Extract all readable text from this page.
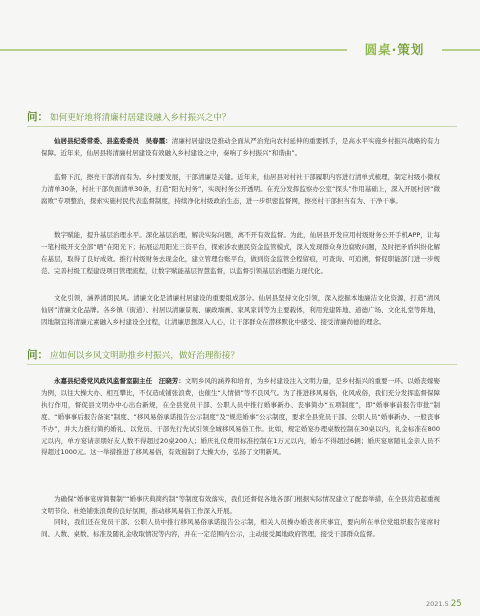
圆桌·策划
问： 如何更好地将清廉村居建设融入乡村振兴之中？

仙居县纪委常委、县监委委员　吴春霞：清廉村居建设是推动全面从严治党向农村延伸的重要抓手，是高水平实施乡村振兴战略的有力保障。近年来，仙居县将清廉村居建设有效融入乡村建设之中，奏响了乡村振兴“和谐曲”。

监督下沉，擦亮干部清而有为。乡村要发展，干部清廉是关键。近年来，仙居县对村社干部履职内容进行清单式梳理，制定村级小微权力清单30条，村社干部负面清单30条，打造“阳光村务”，实现村务公开透明。在充分发挥监察办公室“探头”作用基础上，深入开展村居“微腐败”专项整治，探索实施村民代表监督制度，持续净化村级政治生态，进一步织密监督网，擦亮村干部担当有为、干净干事。

数字赋能，提升基层治理水平。深化基层治理，解决实际问题，离不开有效监督。为此，仙居县开发应用村级财务公开手机APP，让每一笔村级开支全部“晒”在阳光下；拓展运用阳光三资平台，探索涉农惠民资金监管模式，深入发现群众身边腐败问题，及时把矛盾纠纷化解在基层，取得了良好成效。推行村级财务去现金化，建立管理台账平台，做到资金监管全程留痕，可查询、可追溯，督促职能部门进一步规范、完善村级工程建设项目管理流程，让数字赋能基层智慧监督，以监督引领基层治理能力现代化。

文化引领，涵养清朗民风。清廉文化是清廉村居建设的重要组成部分。仙居县坚持文化引领，深入挖掘本地廉洁文化资源，打造“清风仙居”清廉文化品牌。各乡镇（街道）、村居以清廉景观、廉政墙画、家风家训等为主要载体，利用党建阵地、道德广场、文化礼堂等阵地，因地制宜将清廉元素融入乡村建设全过程，让清廉思想深入人心，让干部群众在潜移默化中感受、接受清廉尚德的理念。

问： 应如何以乡风文明助推乡村振兴，做好治理衔接？

永嘉县纪委党风政风监督室副主任　汪晓芳：文明乡风的涵养和培育，为乡村建设注入文明力量，是乡村振兴的重要一环。以婚丧嫁娶为例，以往大操大办、相互攀比，不仅造成铺张浪费，也催生“人情债”等不良风气。为了推进移风易俗，化风成俗，我们充分发挥监督保障执行作用，督促县文明办中心出台新规，在全县党员干部、公职人员中推行婚事新办、丧事简办“五项制度”，即“婚事事前报告审批”制度、“婚事事后报告备案”制度、“移风易俗承诺报告公示制度”及“规范婚事”公示制度，要求全县党员干部、公职人员“婚事新办、一般丧事不办”，并大力推行简约婚礼、以党员、干部先行先试引领全城移风易俗工作。比如，规定婚宴办理桌数控制在30桌以内，礼金标准在800元以内，单方宴请亲朋好友人数不得超过20桌200人；婚庆礼仪费用标准控制在1万元以内，婚车不得超过6辆；婚庆宴席随礼金亲人员不得超过1000元。这一举措推进了移风易俗，有效遏制了大操大办，弘扬了文明新风。

为确保“婚事宴席简餐制”“婚事庆典简约制”等制度有效落实，我们还督促各地各部门根据实际情况建立了配套举措，在全县营造起重视文明节俭、杜绝铺张浪费的良好氛围，推动移风易俗工作深入开展。

同时，我们还在党员干部、公职人员中推行移风易俗承诺报告公示制，相关人员操办婚丧喜庆事宜，要向所在单位党组织报告宴席时间、人数、桌数、标准及随礼金收取情况等内容，并在一定范围内公示，主动接受属地政府管理，接受干部群众监督。

2021.5 25
